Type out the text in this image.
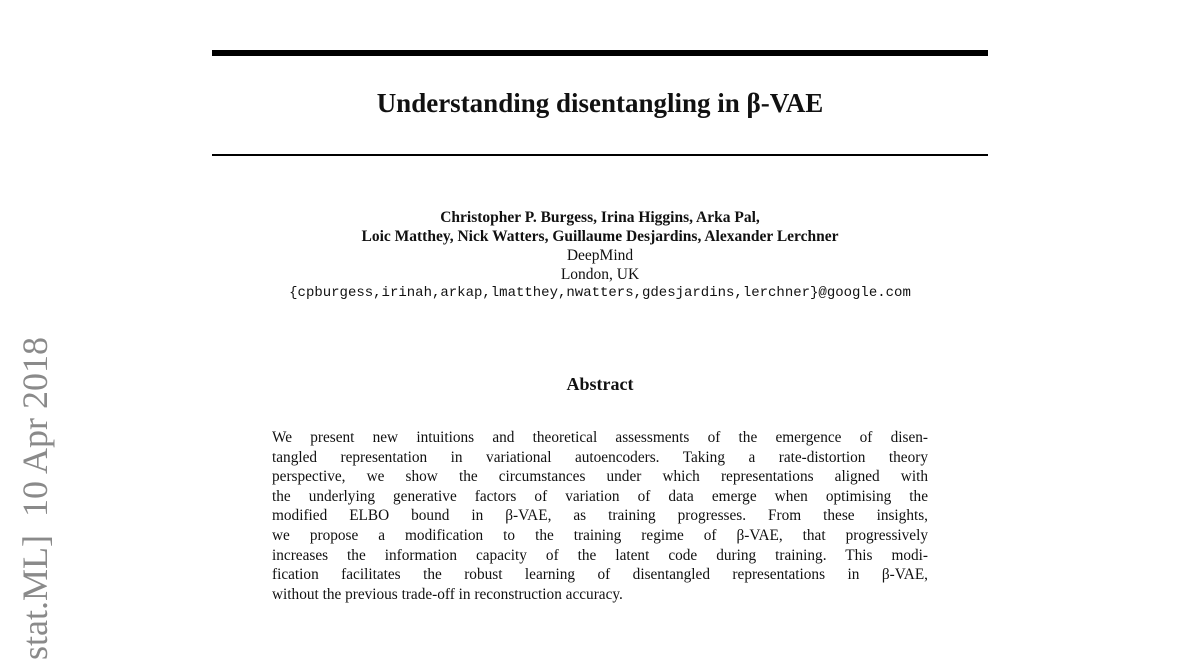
stat.ML]  10 Apr 2018
Understanding disentangling in β-VAE
Christopher P. Burgess, Irina Higgins, Arka Pal,
Loic Matthey, Nick Watters, Guillaume Desjardins, Alexander Lerchner
DeepMind
London, UK
{cpburgess,irinah,arkap,lmatthey,nwatters,gdesjardins,lerchner}@google.com
Abstract
We present new intuitions and theoretical assessments of the emergence of disen-
tangled representation in variational autoencoders. Taking a rate-distortion theory
perspective, we show the circumstances under which representations aligned with
the underlying generative factors of variation of data emerge when optimising the
modified ELBO bound in β-VAE, as training progresses. From these insights,
we propose a modification to the training regime of β-VAE, that progressively
increases the information capacity of the latent code during training. This modi-
fication facilitates the robust learning of disentangled representations in β-VAE,
without the previous trade-off in reconstruction accuracy.
